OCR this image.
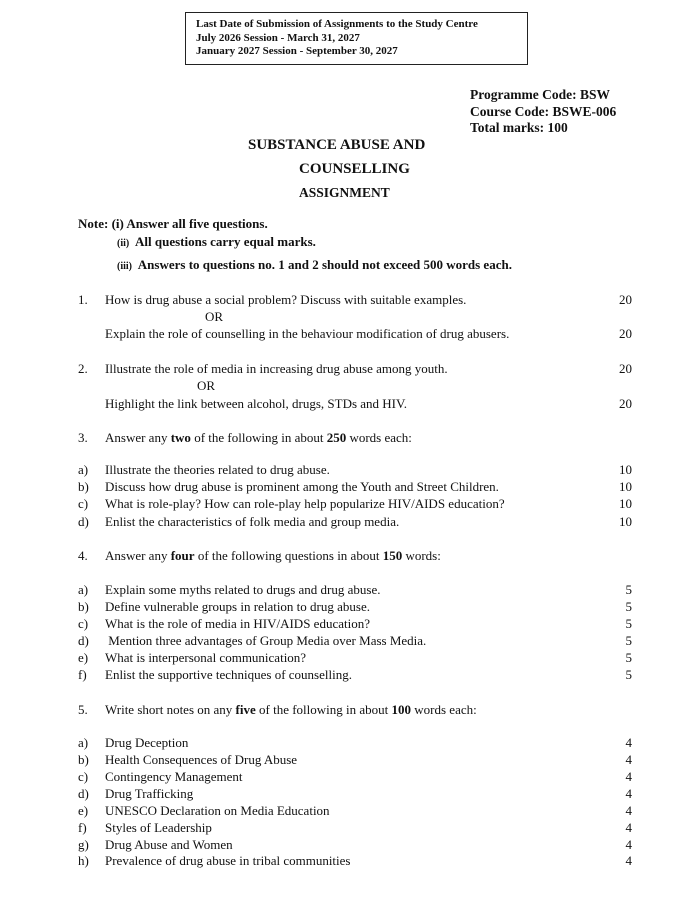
Last Date of Submission of Assignments to the Study Centre
July 2026 Session - March 31, 2027
January 2027 Session - September 30, 2027
Programme Code: BSW
Course Code: BSWE-006
Total marks: 100
SUBSTANCE ABUSE AND
COUNSELLING
ASSIGNMENT
Note: (i) Answer all five questions.
(ii) All questions carry equal marks.
(iii) Answers to questions no. 1 and 2 should not exceed 500 words each.
1. How is drug abuse a social problem? Discuss with suitable examples.	20
OR
Explain the role of counselling in the behaviour modification of drug abusers.	20
2. Illustrate the role of media in increasing drug abuse among youth.	20
OR
Highlight the link between alcohol, drugs, STDs and HIV.	20
3. Answer any two of the following in about 250 words each:
a) Illustrate the theories related to drug abuse.	10
b) Discuss how drug abuse is prominent among the Youth and Street Children.	10
c) What is role-play? How can role-play help popularize HIV/AIDS education?	10
d) Enlist the characteristics of folk media and group media.	10
4. Answer any four of the following questions in about 150 words:
a) Explain some myths related to drugs and drug abuse.	5
b) Define vulnerable groups in relation to drug abuse.	5
c) What is the role of media in HIV/AIDS education?	5
d) Mention three advantages of Group Media over Mass Media.	5
e) What is interpersonal communication?	5
f) Enlist the supportive techniques of counselling.	5
5. Write short notes on any five of the following in about 100 words each:
a) Drug Deception	4
b) Health Consequences of Drug Abuse	4
c) Contingency Management	4
d) Drug Trafficking	4
e) UNESCO Declaration on Media Education	4
f) Styles of Leadership	4
g) Drug Abuse and Women	4
h) Prevalence of drug abuse in tribal communities	4
